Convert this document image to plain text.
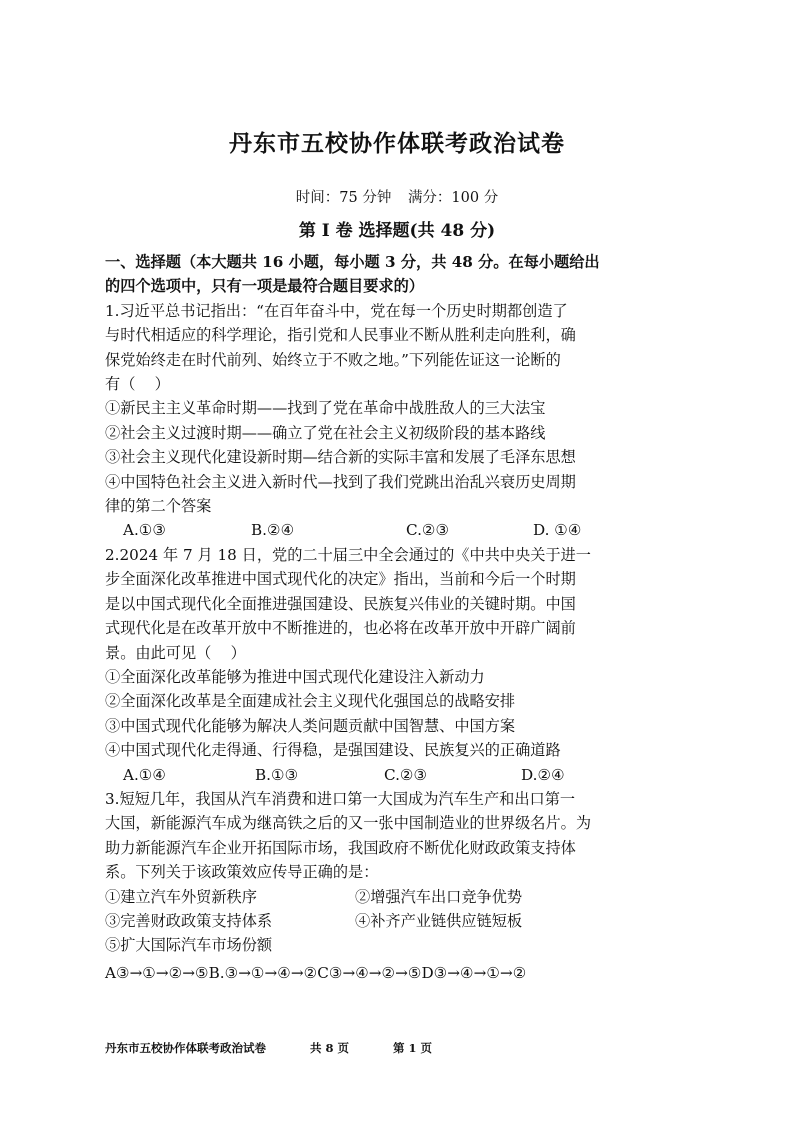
丹东市五校协作体联考政治试卷
时间：75 分钟 满分：100 分
第 I 卷 选择题(共 48 分)

一、选择题（本大题共 16 小题，每小题 3 分，共 48 分。在每小题给出

的四个选项中，只有一项是最符合题目要求的）

1.习近平总书记指出：“在百年奋斗中，党在每一个历史时期都创造了

与时代相适应的科学理论，指引党和人民事业不断从胜利走向胜利，确

保党始终走在时代前列、始终立于不败之地。”下列能佐证这一论断的

有（    ）

①新民主主义革命时期——找到了党在革命中战胜敌人的三大法宝

②社会主义过渡时期——确立了党在社会主义初级阶段的基本路线

③社会主义现代化建设新时期—结合新的实际丰富和发展了毛泽东思想

④中国特色社会主义进入新时代—找到了我们党跳出治乱兴衰历史周期

律的第二个答案

A.①③	B.②④	C.②③	D. ①④

2.2024 年 7 月 18 日，党的二十届三中全会通过的《中共中央关于进一

步全面深化改革推进中国式现代化的决定》指出，当前和今后一个时期

是以中国式现代化全面推进强国建设、民族复兴伟业的关键时期。中国

式现代化是在改革开放中不断推进的，也必将在改革开放中开辟广阔前

景。由此可见（    ）

①全面深化改革能够为推进中国式现代化建设注入新动力

②全面深化改革是全面建成社会主义现代化强国总的战略安排

③中国式现代化能够为解决人类问题贡献中国智慧、中国方案

④中国式现代化走得通、行得稳，是强国建设、民族复兴的正确道路

A.①④	B.①③	C.②③	D.②④

3.短短几年，我国从汽车消费和进口第一大国成为汽车生产和出口第一

大国，新能源汽车成为继高铁之后的又一张中国制造业的世界级名片。为

助力新能源汽车企业开拓国际市场，我国政府不断优化财政政策支持体

系。下列关于该政策效应传导正确的是：

①建立汽车外贸新秩序	②增强汽车出口竞争优势
③完善财政政策支持体系	④补齐产业链供应链短板

⑤扩大国际汽车市场份额

A③→①→②→⑤B.③→①→④→②C③→④→②→⑤D③→④→①→②

丹东市五校协作体联考政治试卷	共 8 页	第 1 页
